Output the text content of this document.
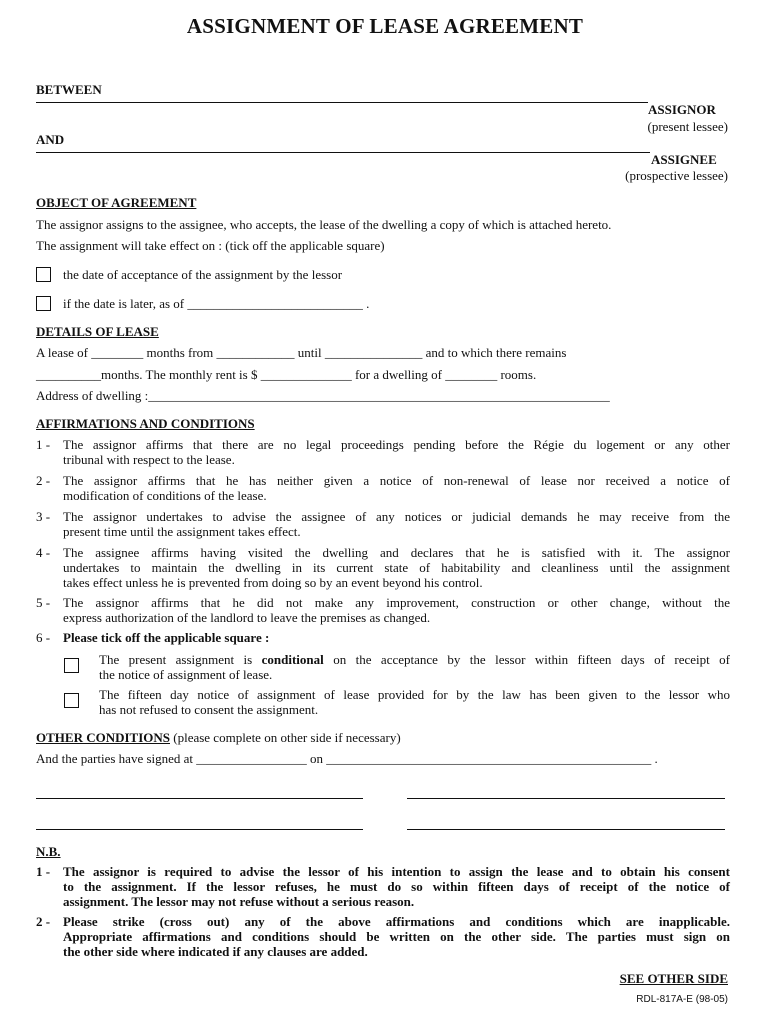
ASSIGNMENT OF LEASE AGREEMENT
BETWEEN
ASSIGNOR
(present lessee)
AND
ASSIGNEE
(prospective lessee)
OBJECT OF AGREEMENT
The assignor assigns to the assignee, who accepts, the lease of the dwelling a copy of which is attached hereto.
The assignment will take effect on : (tick off the applicable square)
the date of acceptance of the assignment by the lessor
if the date is later, as of ___________________________ .
DETAILS OF LEASE
A lease of ________ months from ____________ until _______________ and to which there remains
__________months. The monthly rent is $ ______________ for a dwelling of ________ rooms.
Address of dwelling :_______________________________________________________________________
AFFIRMATIONS AND CONDITIONS
1 - The assignor affirms that there are no legal proceedings pending before the Régie du logement or any other
tribunal with respect to the lease.
2 - The assignor affirms that he has neither given a notice of non-renewal of lease nor received a notice of
modification of conditions of the lease.
3 - The assignor undertakes to advise the assignee of any notices or judicial demands he may receive from the
present time until the assignment takes effect.
4 - The assignee affirms having visited the dwelling and declares that he is satisfied with it. The assignor
undertakes to maintain the dwelling in its current state of habitability and cleanliness until the assignment
takes effect unless he is prevented from doing so by an event beyond his control.
5 - The assignor affirms that he did not make any improvement, construction or other change, without the
express authorization of the landlord to leave the premises as changed.
6 - Please tick off the applicable square :
The present assignment is conditional on the acceptance by the lessor within fifteen days of receipt of
the notice of assignment of lease.
The fifteen day notice of assignment of lease provided for by the law has been given to the lessor who
has not refused to consent the assignment.
OTHER CONDITIONS (please complete on other side if necessary)
And the parties have signed at _________________ on __________________________________________________ .
N.B.
1 - The assignor is required to advise the lessor of his intention to assign the lease and to obtain his consent
to the assignment. If the lessor refuses, he must do so within fifteen days of receipt of the notice of
assignment. The lessor may not refuse without a serious reason.
2 - Please strike (cross out) any of the above affirmations and conditions which are inapplicable.
Appropriate affirmations and conditions should be written on the other side. The parties must sign on
the other side where indicated if any clauses are added.
SEE OTHER SIDE
RDL-817A-E (98-05)
